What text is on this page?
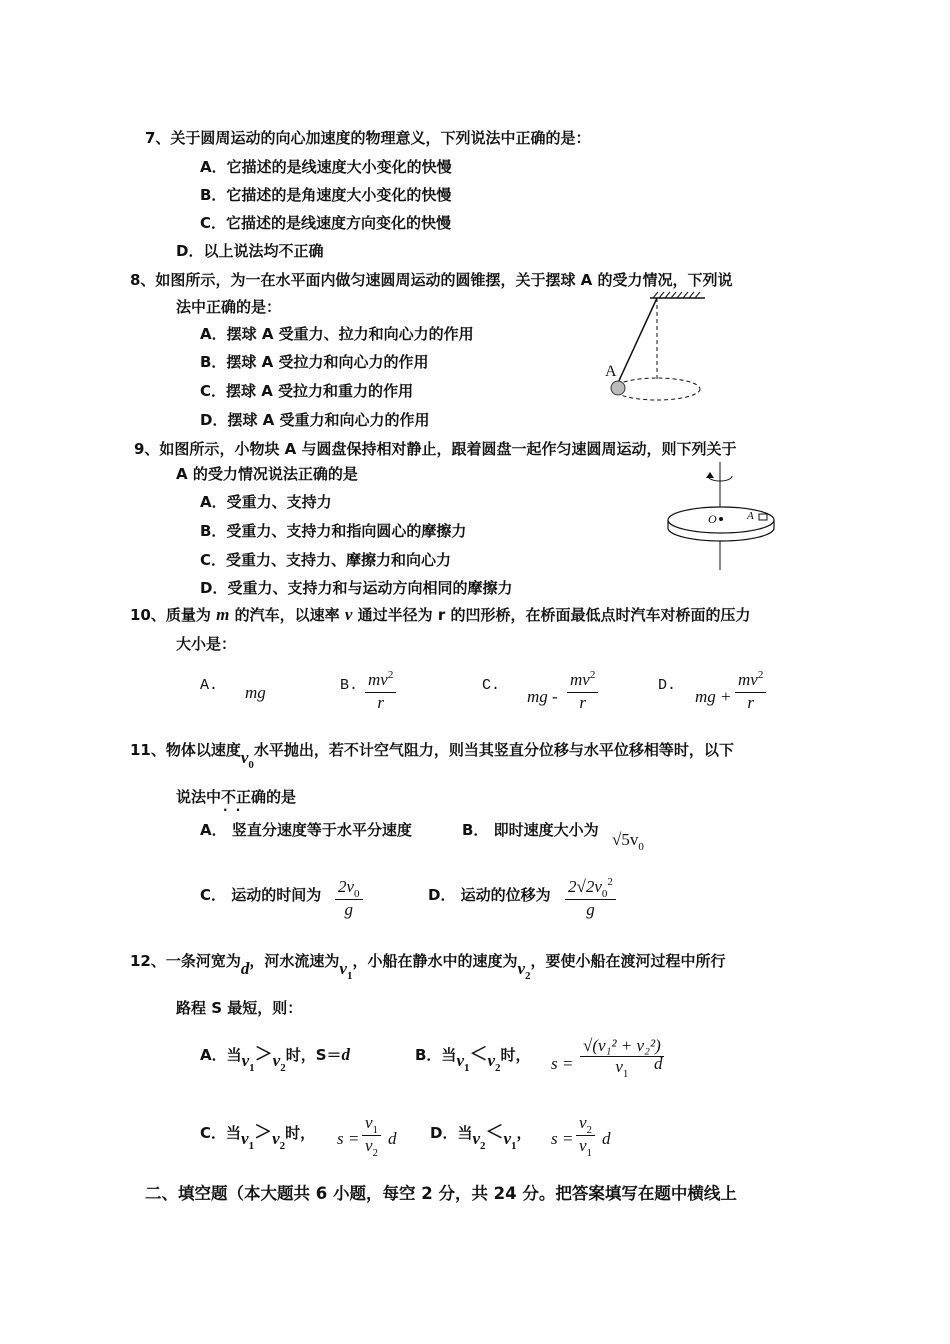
7、关于圆周运动的向心加速度的物理意义，下列说法中正确的是：
A．它描述的是线速度大小变化的快慢
B．它描述的是角速度大小变化的快慢
C．它描述的是线速度方向变化的快慢
D．以上说法均不正确
8、如图所示，为一在水平面内做匀速圆周运动的圆锥摆，关于摆球 A 的受力情况，下列说
法中正确的是：
A．摆球 A 受重力、拉力和向心力的作用
B．摆球 A 受拉力和向心力的作用
C．摆球 A 受拉力和重力的作用
D．摆球 A 受重力和向心力的作用
A
9、如图所示，小物块 A 与圆盘保持相对静止，跟着圆盘一起作匀速圆周运动，则下列关于
A 的受力情况说法正确的是
A．受重力、支持力
B．受重力、支持力和指向圆心的摩擦力
C．受重力、支持力、摩擦力和向心力
D．受重力、支持力和与运动方向相同的摩擦力
O	A
10、质量为 m 的汽车，以速率 v 通过半径为 r 的凹形桥，在桥面最低点时汽车对桥面的压力
大小是：
A. mg	B. $\frac{mv^2}{r}$	C.
mg - $\frac{mv^2}{r}$	D.
mg + $\frac{mv^2}{r}$
11、物体以速度$v_0$水平抛出，若不计空气阻力，则当其竖直分位移与水平位移相等时，以下
说法中不正确 · ·的是
A． 竖直分速度等于水平分速度	B． 即时速度大小为 $√5v_0$
C． 运动的时间为 $\frac{2v_0}{g}$	D． 运动的位移为 $\frac{2√2v_0^2}{g}$
12、一条河宽为d，河水流速为$v_1$，小船在静水中的速度为$v_2$，要使小船在渡河过程中所行
路程 S 最短，则：
A．当$v_1>v_2$时，S＝d	B．当$v_1<v_2$时， $s = \frac{\text{√(v₁² + v₂²)}}{v_1}$
d
C．当$v_1>v_2$时， $s = \frac{v_1}{v_2}$ d D．当$v_2<v_1$， $s = \frac{v_2}{v_1}$ d
二、填空题（本大题共 6 小题，每空 2 分，共 24 分。把答案填写在题中横线上
